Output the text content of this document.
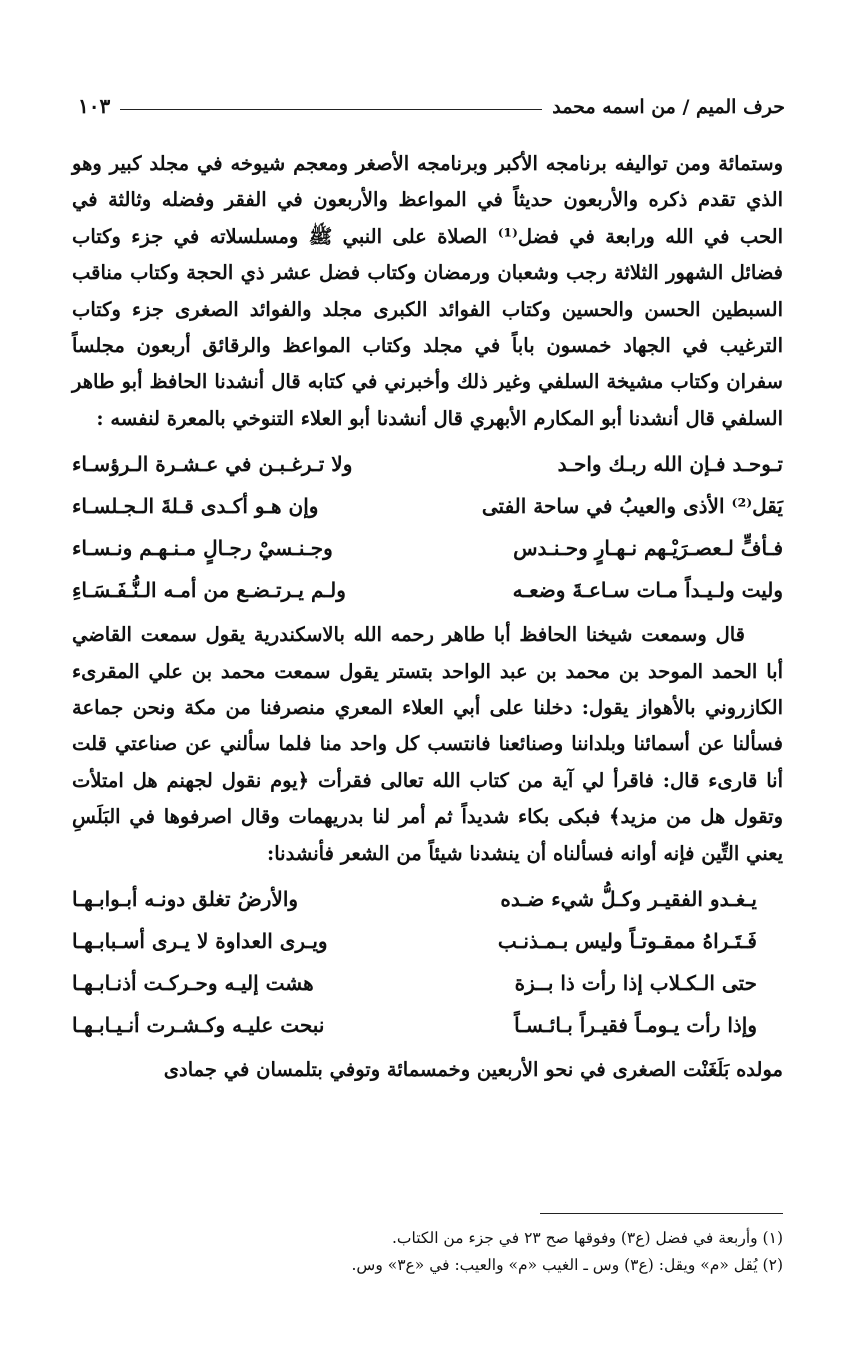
حرف الميم / من اسمه محمد
١٠٣

وستمائة ومن تواليفه برنامجه الأكبر وبرنامجه الأصغر ومعجم شيوخه في مجلد كبير وهو الذي تقدم ذكره والأربعون حديثاً في المواعظ والأربعون في الفقر وفضله وثالثة في الحب في الله ورابعة في فضل⁽¹⁾ الصلاة على النبي ﷺ ومسلسلاته في جزء وكتاب فضائل الشهور الثلاثة رجب وشعبان ورمضان وكتاب فضل عشر ذي الحجة وكتاب مناقب السبطين الحسن والحسين وكتاب الفوائد الكبرى مجلد والفوائد الصغرى جزء وكتاب الترغيب في الجهاد خمسون باباً في مجلد وكتاب المواعظ والرقائق أربعون مجلساً سفران وكتاب مشيخة السلفي وغير ذلك وأخبرني في كتابه قال أنشدنا الحافظ أبو طاهر السلفي قال أنشدنا أبو المكارم الأبهري قال أنشدنا أبو العلاء التنوخي بالمعرة لنفسه :

تـوحـد فـإن الله ربـك واحـد
ولا تـرغـبـن في عـشـرة الـرؤسـاء
يَقل⁽²⁾ الأذى والعيبُ في ساحة الفتى
وإن هـو أكـدى قـلةَ الـجـلسـاء
فـأفٍّ لـعصـرَيْـهم نـهـارٍ وحـنـدس
وجـنـسيْ رجـالٍ مـنـهـم ونـسـاء
وليت ولـيـداً مـات سـاعـةَ وضعـه
ولـم يـرتـضـع من أمـه الـنُّـفَـسَـاءِ

قال وسمعت شيخنا الحافظ أبا طاهر رحمه الله بالاسكندرية يقول سمعت القاضي أبا الحمد الموحد بن محمد بن عبد الواحد بتستر يقول سمعت محمد بن علي المقرىء الكازروني بالأهواز يقول: دخلنا على أبي العلاء المعري منصرفنا من مكة ونحن جماعة فسألنا عن أسمائنا وبلداننا وصنائعنا فانتسب كل واحد منا فلما سألني عن صناعتي قلت أنا قارىء قال: فاقرأ لي آية من كتاب الله تعالى فقرأت ﴿يوم نقول لجهنم هل امتلأت وتقول هل من مزيد﴾ فبكى بكاء شديداً ثم أمر لنا بدريهمات وقال اصرفوها في البَلَسِ يعني التِّين فإنه أوانه فسألناه أن ينشدنا شيئاً من الشعر فأنشدنا:

يـغـدو الفقيـر وكـلُّ شيء ضـده
والأرضُ تغلق دونـه أبـوابـهـا
فَـتَـراهُ ممقـوتـاً وليس بـمـذنـب
ويـرى العداوة لا يـرى أسـبابـهـا
حتى الـكـلاب إذا رأت ذا بــزة
هشت إليـه وحـركـت أذنـابـهـا
وإذا رأت يـومـاً فقيـراً بـائـسـاً
نبحت عليـه وكـشـرت أنـيـابـهـا

مولده بَلَغَنْت الصغرى في نحو الأربعين وخمسمائة وتوفي بتلمسان في جمادى

(١) وأربعة في فضل (ع٣) وفوقها صح ٢٣ في جزء من الكتاب.
(٢) يُقل «م» ويقل: (ع٣) وس ـ الغيب «م» والعيب: في «ع٣» وس.
